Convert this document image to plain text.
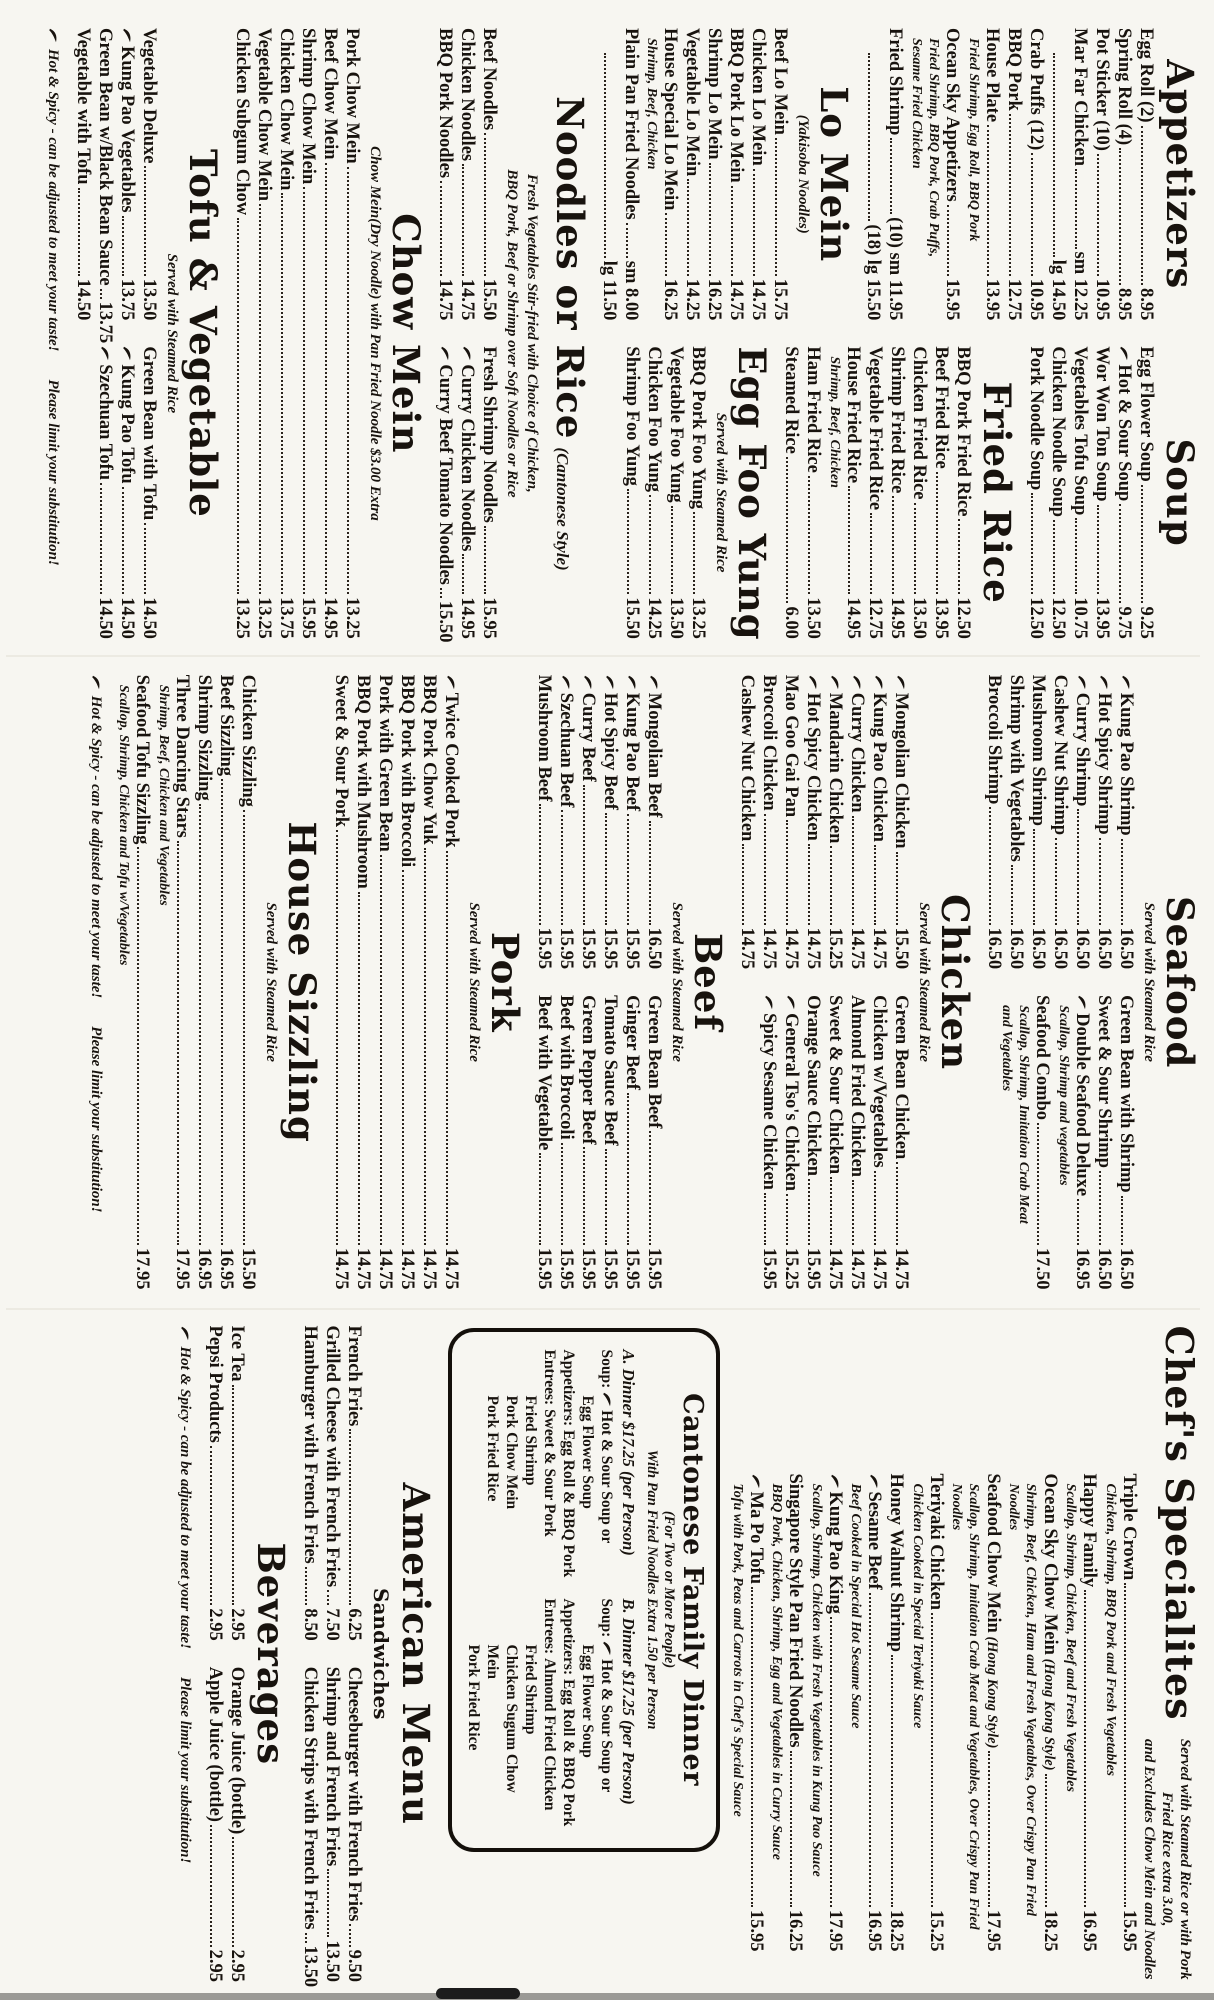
Appetizers
Egg Roll (2)
8.95
Spring Roll (4)
8.95
Pot Sticker (10)
10.95
Mar Far Chicken
sm 12.25
lg 14.50
Crab Puffs (12)
10.95
BBQ Pork
12.75
House Plate
13.95
Fried Shrimp, Egg Roll, BBQ Pork
Ocean Sky Appetizers
15.95
Fried Shrimp, BBQ Pork, Crab Puffs,
Sesame Fried Chicken
Fried Shrimp
(10) sm 11.95
(18) lg 15.50
Lo Mein
(Yakisoba Noodles)
Beef Lo Mein
15.75
Chicken Lo Mein
14.75
BBQ Pork Lo Mein
14.75
Shrimp Lo Mein
16.25
Vegetable Lo Mein
14.25
House Special Lo Mein
16.25
Shrimp, Beef, Chicken
Plain Pan Fried Noodles
sm 8.00
lg 11.50
Soup
Egg Flower Soup
9.25
Hot & Sour Soup
9.75
Wor Won Ton Soup
13.95
Vegetables Tofu Soup
10.75
Chicken Noodle Soup
12.50
Pork Noodle Soup
12.50
Fried Rice
BBQ Pork Fried Rice
12.50
Beef Fried Rice
13.95
Chicken Fried Rice
13.50
Shrimp Fried Rice
14.95
Vegetable Fried Rice
12.75
House Fried Rice
14.95
Shrimp, Beef, Chicken
Ham Fried Rice
13.50
Steamed Rice
6.00
Egg Foo Yung
Served with Steamed Rice
BBQ Pork Foo Yung
13.25
Vegetable Foo Yung
13.50
Chicken Foo Yung
14.25
Shrimp Foo Yung
15.50
Noodles or Rice(Cantonese Style)
Fresh Vegetables Stir-fried with Choice of Chicken,
BBQ Pork, Beef or Shrimp over Soft Noodles or Rice
Beef Noodles
15.50
Chicken Noodles
14.75
BBQ Pork Noodles
14.75
Fresh Shrimp Noodles
15.95
Curry Chicken Noodles
14.95
Curry Beef Tomato Noodles
15.50
Chow Mein
Chow Mein(Dry Noodle) with Pan Fried Noodle $3.00 Extra
Pork Chow Mein
13.25
Beef Chow Mein
14.95
Shrimp Chow Mein
15.95
Chicken Chow Mein
13.75
Vegetable Chow Mein
13.25
Chicken Subgum Chow
13.25
Tofu & Vegetable
Served with Steamed Rice
Vegetable Deluxe
13.50
Kung Pao Vegetables
13.75
Green Bean w/Black Bean Sauce
13.75
Vegetable with Tofu
14.50
Green Bean with Tofu
14.50
Kung Pao Tofu
14.50
Szechuan Tofu
14.50
Hot & Spicy - can be adjusted to meet your taste!
Please limit your substitution!
Seafood
Served with Steamed Rice
Kung Pao Shrimp
16.50
Hot Spicy Shrimp
16.50
Curry Shrimp
16.50
Cashew Nut Shrimp
16.50
Mushroom Shrimp
16.50
Shrimp with Vegetables
16.50
Broccoli Shrimp
16.50
Green Bean with Shrimp
16.50
Sweet & Sour Shrimp
16.50
Double Seafood Deluxe
16.95
Scallop, Shrimp and vegetables
Seafood Combo
17.50
Scallop, Shrimp, Imitation Crab Meat
and Vegetables
Chicken
Served with Steamed Rice
Mongolian Chicken
15.50
Kung Pao Chicken
14.75
Curry Chicken
14.75
Mandarin Chicken
15.25
Hot Spicy Chicken
14.75
Mao Goo Gai Pan
14.75
Broccoli Chicken
14.75
Cashew Nut Chicken
14.75
Green Bean Chicken
14.75
Chicken w/Vegetables
14.75
Almond Fried Chicken
14.75
Sweet & Sour Chicken
14.75
Orange Sauce Chicken
15.95
General Tso's Chicken
15.25
Spicy Sesame Chicken
15.95
Beef
Served with Steamed Rice
Mongolian Beef
16.50
Kung Pao Beef
15.95
Hot Spicy Beef
15.95
Curry Beef
15.95
Szechuan Beef
15.95
Mushroom Beef
15.95
Green Bean Beef
15.95
Ginger Beef
15.95
Tomato Sauce Beef
15.95
Green Pepper Beef
15.95
Beef with Broccoli
15.95
Beef with Vegetable
15.95
Pork
Served with Steamed Rice
Twice Cooked Pork
14.75
BBQ Pork Chow Yuk
14.75
BBQ Pork with Broccoli
14.75
Pork with Green Bean
14.75
BBQ Pork with Mushroom
14.75
Sweet & Sour Pork
14.75
House Sizzling
Served with Steamed Rice
Chicken Sizzling
15.50
Beef Sizzling
16.95
Shrimp Sizzling
16.95
Three Dancing Stars
17.95
Shrimp, Beef, Chicken and Vegetables
Seafood Tofu Sizzling
17.95
Scallop, Shrimp, Chicken and Tofu w/Vegetables
Hot & Spicy - can be adjusted to meet your taste!
Please limit your substitution!
Chef's Specialites
Served with Steamed Rice or with Pork Fried Rice extra 3.00,
and Excludes Chow Mein and Noodles
Triple Crown
15.95
Chicken, Shrimp, BBQ Pork and Fresh Vegetables
Happy Family
16.95
Scallop, Shrimp, Chicken, Beef and Fresh Vegetables
Ocean Sky Chow Mein (Hong Kong Style)
18.25
Shrimp, Beef, Chicken, Ham and Fresh Vegetables, Over Crispy Pan Fried Noodles
Seafood Chow Mein (Hong Kong Style)
17.95
Scallop, Shrimp, Imitation Crab Meat and Vegetables, Over Crispy Pan Fried Noodles
Teriyaki Chicken
15.25
Chicken Cooked in Special Teriyaki Sauce
Honey Walnut Shrimp
18.25
Sesame Beef
16.95
Beef Cooked in Special Hot Sesame Sauce
Kung Pao King
17.95
Scallop, Shrimp, Chicken with Fresh Vegetables in Kung Pao Sauce
Singapore Style Pan Fried Noodles
16.25
BBQ Pork, Chicken, Shrimp, Egg and Vegetables in Curry Sauce
Ma Po Tofu
15.95
Tofu with Pork, Peas and Carrots in Chef's Special Sauce
Cantonese Family Dinner
(For Two or More People)
With Pan Fried Noodles Extra 1.50 per Person
A. Dinner $17.25 (per Person)
Soup:
Hot & Sour Soup or
Egg Flower Soup
Appetizers: Egg Roll & BBQ Pork
Entrees: Sweet & Sour Pork
Fried Shrimp
Pork Chow Mein
Pork Fried Rice
B. Dinner $17.25 (per Person)
Soup:
Hot & Sour Soup or
Egg Flower Soup
Appetizers: Egg Roll & BBQ Pork
Entrees: Almond Fried Chicken
Fried Shrimp
Chicken Sugum Chow Mein
Pork Fried Rice
American Menu
Sandwiches
French Fries
6.25
Grilled Cheese with French Fries
7.50
Hamburger with French Fries
8.50
Cheeseburger with French Fries
9.50
Shrimp and French Fries
13.50
Chicken Strips with French Fries
13.50
Beverages
Ice Tea
2.95
Pepsi Products
2.95
Orange Juice (bottle)
2.95
Apple Juice (bottle)
2.95
Hot & Spicy - can be adjusted to meet your taste!
Please limit your substitution!
